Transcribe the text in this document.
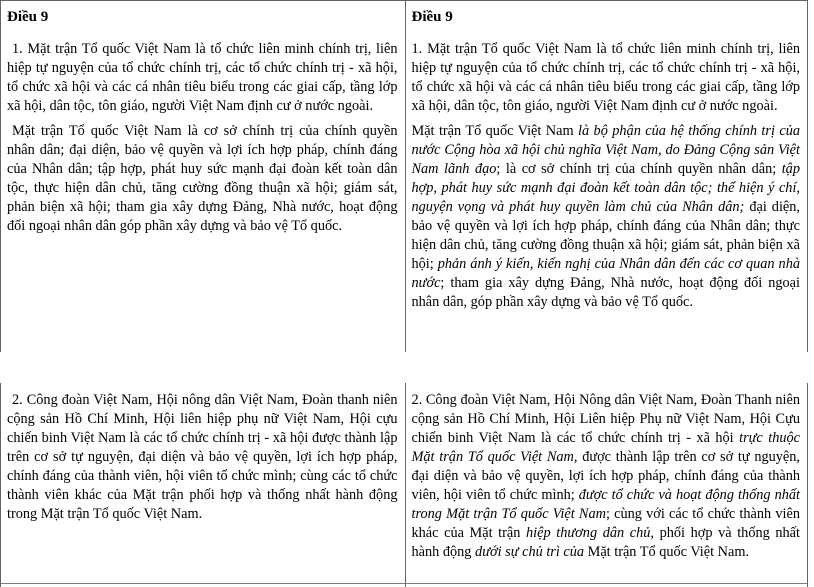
Điều 9

1. Mặt trận Tổ quốc Việt Nam là tổ chức liên minh chính trị, liên hiệp tự nguyện của tổ chức chính trị, các tổ chức chính trị - xã hội, tổ chức xã hội và các cá nhân tiêu biểu trong các giai cấp, tầng lớp xã hội, dân tộc, tôn giáo, người Việt Nam định cư ở nước ngoài.

Mặt trận Tổ quốc Việt Nam là cơ sở chính trị của chính quyền nhân dân; đại diện, bảo vệ quyền và lợi ích hợp pháp, chính đáng của Nhân dân; tập hợp, phát huy sức mạnh đại đoàn kết toàn dân tộc, thực hiện dân chủ, tăng cường đồng thuận xã hội; giám sát, phản biện xã hội; tham gia xây dựng Đảng, Nhà nước, hoạt động đối ngoại nhân dân góp phần xây dựng và bảo vệ Tổ quốc.

Điều 9

1. Mặt trận Tổ quốc Việt Nam là tổ chức liên minh chính trị, liên hiệp tự nguyện của tổ chức chính trị, các tổ chức chính trị - xã hội, tổ chức xã hội và các cá nhân tiêu biểu trong các giai cấp, tầng lớp xã hội, dân tộc, tôn giáo, người Việt Nam định cư ở nước ngoài.

Mặt trận Tổ quốc Việt Nam là bộ phận của hệ thống chính trị của nước Cộng hòa xã hội chủ nghĩa Việt Nam, do Đảng Cộng sản Việt Nam lãnh đạo; là cơ sở chính trị của chính quyền nhân dân; tập hợp, phát huy sức mạnh đại đoàn kết toàn dân tộc; thể hiện ý chí, nguyện vọng và phát huy quyền làm chủ của Nhân dân; đại diện, bảo vệ quyền và lợi ích hợp pháp, chính đáng của Nhân dân; thực hiện dân chủ, tăng cường đồng thuận xã hội; giám sát, phản biện xã hội; phản ánh ý kiến, kiến nghị của Nhân dân đến các cơ quan nhà nước; tham gia xây dựng Đảng, Nhà nước, hoạt động đối ngoại nhân dân, góp phần xây dựng và bảo vệ Tổ quốc.

2. Công đoàn Việt Nam, Hội nông dân Việt Nam, Đoàn thanh niên cộng sản Hồ Chí Minh, Hội liên hiệp phụ nữ Việt Nam, Hội cựu chiến binh Việt Nam là các tổ chức chính trị - xã hội được thành lập trên cơ sở tự nguyện, đại diện và bảo vệ quyền, lợi ích hợp pháp, chính đáng của thành viên, hội viên tổ chức mình; cùng các tổ chức thành viên khác của Mặt trận phối hợp và thống nhất hành động trong Mặt trận Tổ quốc Việt Nam.

2. Công đoàn Việt Nam, Hội Nông dân Việt Nam, Đoàn Thanh niên cộng sản Hồ Chí Minh, Hội Liên hiệp Phụ nữ Việt Nam, Hội Cựu chiến binh Việt Nam là các tổ chức chính trị - xã hội trực thuộc Mặt trận Tổ quốc Việt Nam, được thành lập trên cơ sở tự nguyện, đại diện và bảo vệ quyền, lợi ích hợp pháp, chính đáng của thành viên, hội viên tổ chức mình; được tổ chức và hoạt động thống nhất trong Mặt trận Tổ quốc Việt Nam; cùng với các tổ chức thành viên khác của Mặt trận hiệp thương dân chủ, phối hợp và thống nhất hành động dưới sự chủ trì của Mặt trận Tổ quốc Việt Nam.
